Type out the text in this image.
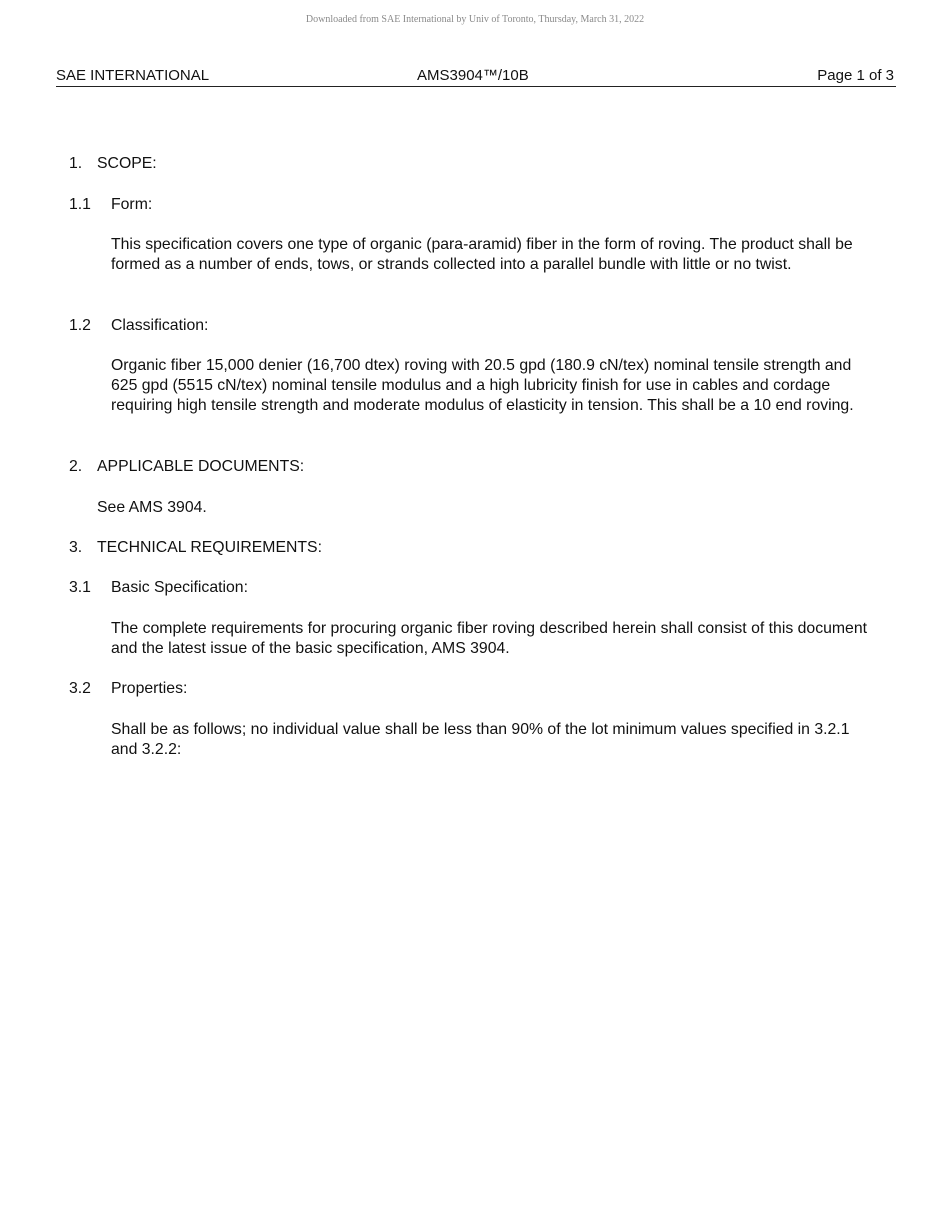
Downloaded from SAE International by Univ of Toronto, Thursday, March 31, 2022
SAE INTERNATIONAL	AMS3904™/10B	Page 1 of 3
1. SCOPE:
1.1 Form:
This specification covers one type of organic (para-aramid) fiber in the form of roving. The product shall be formed as a number of ends, tows, or strands collected into a parallel bundle with little or no twist.
1.2 Classification:
Organic fiber 15,000 denier (16,700 dtex) roving with 20.5 gpd (180.9 cN/tex) nominal tensile strength and 625 gpd (5515 cN/tex) nominal tensile modulus and a high lubricity finish for use in cables and cordage requiring high tensile strength and moderate modulus of elasticity in tension. This shall be a 10 end roving.
2. APPLICABLE DOCUMENTS:
See AMS 3904.
3. TECHNICAL REQUIREMENTS:
3.1 Basic Specification:
The complete requirements for procuring organic fiber roving described herein shall consist of this document and the latest issue of the basic specification, AMS 3904.
3.2 Properties:
Shall be as follows; no individual value shall be less than 90% of the lot minimum values specified in 3.2.1 and 3.2.2:
